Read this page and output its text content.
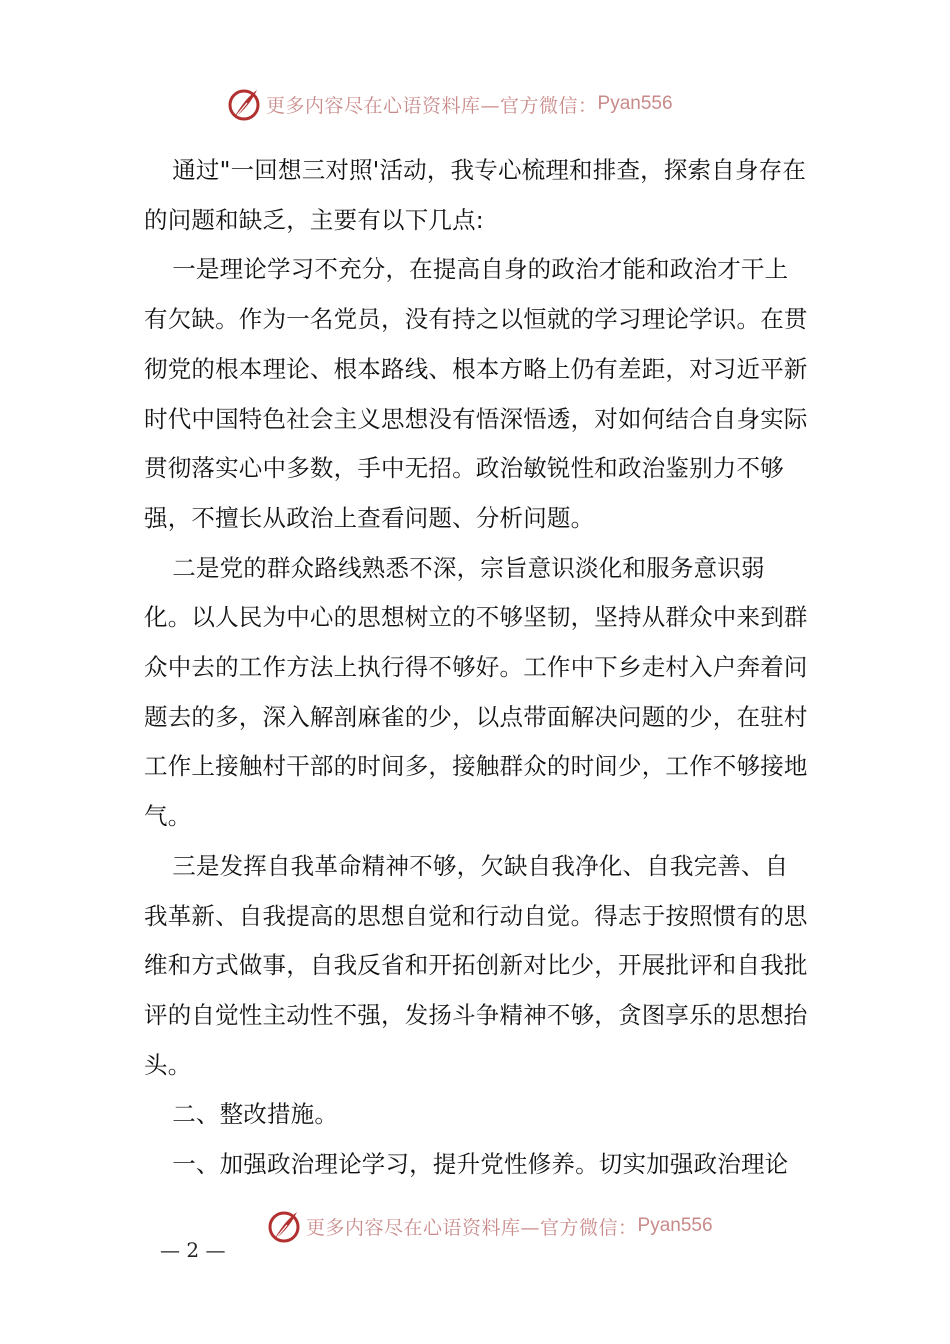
更多内容尽在心语资料库—官方微信： Pyan556

通过"一回想三对照'活动，我专心梳理和排查，探索自身存在的问题和缺乏，主要有以下几点:

一是理论学习不充分，在提高自身的政治才能和政治才干上有欠缺。作为一名党员，没有持之以恒就的学习理论学识。在贯彻党的根本理论、根本路线、根本方略上仍有差距，对习近平新时代中国特色社会主义思想没有悟深悟透，对如何结合自身实际贯彻落实心中多数，手中无招。政治敏锐性和政治鉴别力不够强，不擅长从政治上查看问题、分析问题。

二是党的群众路线熟悉不深，宗旨意识淡化和服务意识弱化。以人民为中心的思想树立的不够坚韧，坚持从群众中来到群众中去的工作方法上执行得不够好。工作中下乡走村入户奔着问题去的多，深入解剖麻雀的少，以点带面解决问题的少，在驻村工作上接触村干部的时间多，接触群众的时间少，工作不够接地气。

三是发挥自我革命精神不够，欠缺自我净化、自我完善、自我革新、自我提高的思想自觉和行动自觉。得志于按照惯有的思维和方式做事，自我反省和开拓创新对比少，开展批评和自我批评的自觉性主动性不强，发扬斗争精神不够，贪图享乐的思想抬头。

二、整改措施。

一、加强政治理论学习，提升党性修养。切实加强政治理论

更多内容尽在心语资料库—官方微信： Pyan556
— 2 —
